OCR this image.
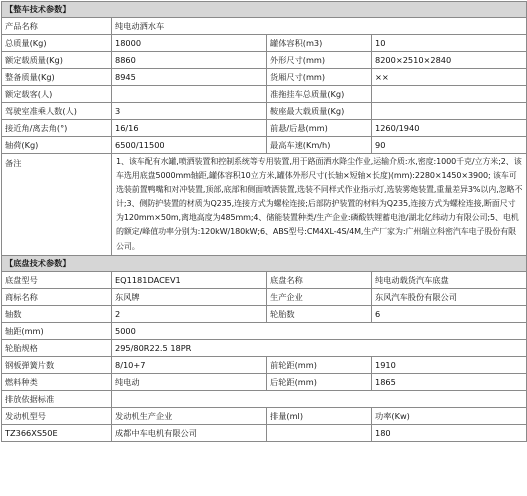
【整车技术参数】			
产品名称	纯电动洒水车		
总质量(Kg)	18000	罐体容积(m3)	10
额定载质量(Kg)	8860	外形尺寸(mm)	8200×2510×2840
整备质量(Kg)	8945	货厢尺寸(mm)	××
额定载客(人)		准拖挂车总质量(Kg)	
驾驶室准乘人数(人)	3	鞍座最大载质量(Kg)	
接近角/离去角(°)	16/16	前悬/后悬(mm)	1260/1940
轴荷(Kg)	6500/11500	最高车速(Km/h)	90
备注	1、该车配有水罐,喷洒装置和控制系统等专用装置,用于路面洒水降尘作业,运输介质:水,密度:1000千克/立方米;2、该车选用底盘5000mm轴距,罐体容积10立方米,罐体外形尺寸(长轴×短轴×长度)(mm):2280×1450×3900; 该车可选装前置鸭嘴和对冲装置,顶部,底部和侧面喷洒装置,选装不同样式作业指示灯,选装雾炮装置,重量差异3%以内,忽略不计;3、侧防护装置的材质为Q235,连接方式为螺栓连接;后部防护装置的材料为Q235,连接方式为螺栓连接,断面尺寸为120mm×50m,离地高度为485mm;4、储能装置种类/生产企业:磷酸铁锂蓄电池/湖北亿纬动力有限公司;5、电机的额定/峰值功率分别为:120kW/180kW;6、ABS型号:CM4XL-4S/4M,生产厂家为:广州瑞立科密汽车电子股份有限公司。		
【底盘技术参数】			
底盘型号	EQ1181DACEV1	底盘名称	纯电动载货汽车底盘
商标名称	东风牌	生产企业	东风汽车股份有限公司
轴数	2	轮胎数	6
轴距(mm)	5000		
轮胎规格	295/80R22.5 18PR		
钢板弹簧片数	8/10+7	前轮距(mm)	1910
燃料种类	纯电动	后轮距(mm)	1865
排放依据标准			
发动机型号	发动机生产企业	排量(ml)	功率(Kw)
TZ366XS50E	成都中车电机有限公司		180
